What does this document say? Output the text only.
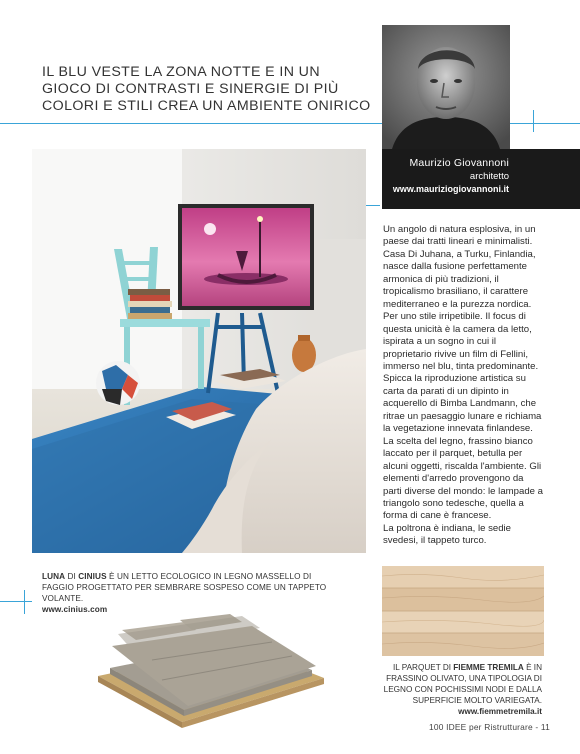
IL BLU VESTE LA ZONA NOTTE E IN UN GIOCO DI CONTRASTI E SINERGIE DI PIÙ COLORI E STILI CREA UN AMBIENTE ONIRICO
Maurizio Giovannoni
architetto
www.mauriziogiovannoni.it

Un angolo di natura esplosiva, in un paese dai tratti lineari e minimalisti. Casa Di Juhana, a Turku, Finlandia, nasce dalla fusione perfettamente armonica di più tradizioni, il tropicalismo brasiliano, il carattere mediterraneo e la purezza nordica. Per uno stile irripetibile. Il focus di questa unicità è la camera da letto, ispirata a un sogno in cui il proprietario rivive un film di Fellini, immerso nel blu, tinta predominante. Spicca la riproduzione artistica su carta da parati di un dipinto in acquerello di Bimba Landmann, che ritrae un paesaggio lunare e richiama la vegetazione innevata finlandese.

La scelta del legno, frassino bianco laccato per il parquet, betulla per alcuni oggetti, riscalda l'ambiente. Gli elementi d'arredo provengono da parti diverse del mondo: le lampade a triangolo sono tedesche, quella a forma di cane è francese.

La poltrona è indiana, le sedie svedesi, il tappeto turco.

LUNA DI CINIUS È UN LETTO ECOLOGICO IN LEGNO MASSELLO DI FAGGIO PROGETTATO PER SEMBRARE SOSPESO COME UN TAPPETO VOLANTE.
www.cinius.com
IL PARQUET DI FIEMME TREMILA È IN FRASSINO OLIVATO, UNA TIPOLOGIA DI LEGNO CON POCHISSIMI NODI E DALLA SUPERFICIE MOLTO VARIEGATA.
www.fiemmetremila.it
100 IDEE per Ristrutturare - 11
